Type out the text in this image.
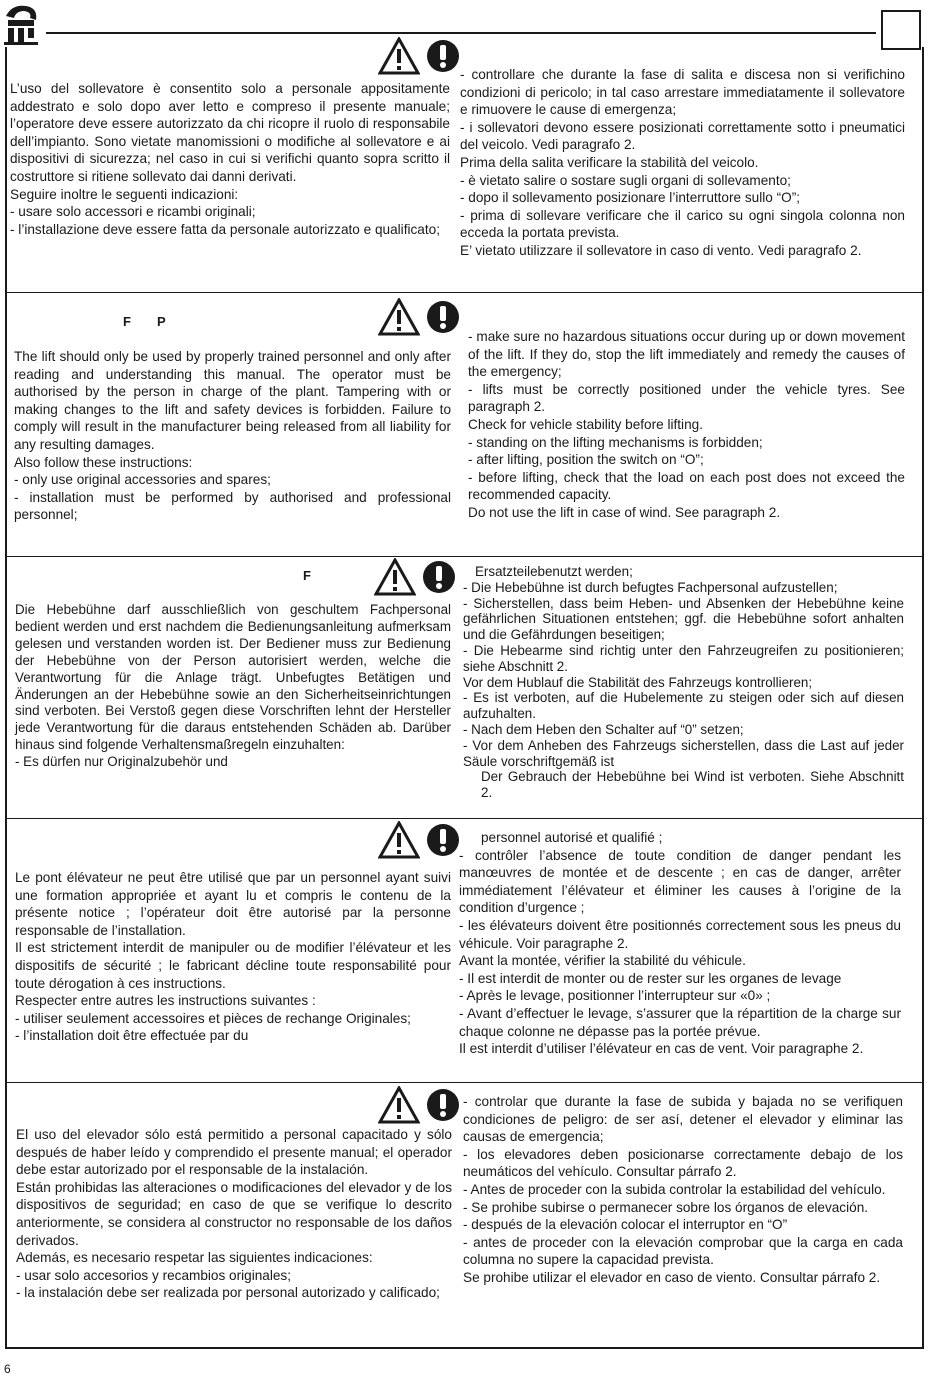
L’uso del sollevatore è consentito solo a personale appositamente addestrato e solo dopo aver letto e compreso il presente manuale; l’operatore deve essere autorizzato da chi ricopre il ruolo di responsabile dell’impianto. Sono vietate manomissioni o modifiche al sollevatore e ai dispositivi di sicurezza; nel caso in cui si verifichi quanto sopra scritto il costruttore si ritiene sollevato dai danni derivati.

Seguire inoltre le seguenti indicazioni:

- usare solo accessori e ricambi originali;

- l’installazione deve essere fatta da personale autorizzato e qualificato;

- controllare che durante la fase di salita e discesa non si verifichino condizioni di pericolo; in tal caso arrestare immediatamente il sollevatore e rimuovere le cause di emergenza;

- i sollevatori devono essere posizionati correttamente sotto i pneumatici del veicolo. Vedi paragrafo 2.

Prima della salita verificare la stabilità del veicolo.

- è vietato salire o sostare sugli organi di sollevamento;

- dopo il sollevamento posizionare l’interruttore sullo “O”;

- prima di sollevare verificare che il carico su ogni singola colonna non ecceda la portata prevista.

E’ vietato utilizzare il sollevatore in caso di vento. Vedi paragrafo 2.

F P

The lift should only be used by properly trained personnel and only after reading and understanding this manual. The operator must be authorised by the person in charge of the plant. Tampering with or making changes to the lift and safety devices is forbidden. Failure to comply will result in the manufacturer being released from all liability for any resulting damages.

Also follow these instructions:

- only use original accessories and spares;

- installation must be performed by authorised and professional personnel;

- make sure no hazardous situations occur during up or down movement of the lift. If they do, stop the lift immediately and remedy the causes of the emergency;

- lifts must be correctly positioned under the vehicle tyres. See paragraph 2.

Check for vehicle stability before lifting.

- standing on the lifting mechanisms is forbidden;

- after lifting, position the switch on “O”;

- before lifting, check that the load on each post does not exceed the recommended capacity.

Do not use the lift in case of wind. See paragraph 2.

F

Die Hebebühne darf ausschließlich von geschultem Fachpersonal bedient werden und erst nachdem die Bedienungsanleitung aufmerksam gelesen und verstanden worden ist. Der Bediener muss zur Bedienung der Hebebühne von der Person autorisiert werden, welche die Verantwortung für die Anlage trägt. Unbefugtes Betätigen und Änderungen an der Hebebühne sowie an den Sicherheitseinrichtungen sind verboten. Bei Verstoß gegen diese Vorschriften lehnt der Hersteller jede Verantwortung für die daraus entstehenden Schäden ab. Darüber hinaus sind folgende Verhaltensmaßregeln einzuhalten:

- Es dürfen nur Originalzubehör und

Ersatzteilebenutzt werden;

- Die Hebebühne ist durch befugtes Fachpersonal aufzustellen;

- Sicherstellen, dass beim Heben- und Absenken der Hebebühne keine gefährlichen Situationen entstehen; ggf. die Hebebühne sofort anhalten und die Gefährdungen beseitigen;

- Die Hebearme sind richtig unter den Fahrzeugreifen zu positionieren; siehe Abschnitt 2.

Vor dem Hublauf die Stabilität des Fahrzeugs kontrollieren;

- Es ist verboten, auf die Hubelemente zu steigen oder sich auf diesen aufzuhalten.

- Nach dem Heben den Schalter auf “0” setzen;

- Vor dem Anheben des Fahrzeugs sicherstellen, dass die Last auf jeder Säule vorschriftgemäß ist

Der Gebrauch der Hebebühne bei Wind ist verboten. Siehe Abschnitt 2.

Le pont élévateur ne peut être utilisé que par un personnel ayant suivi une formation appropriée et ayant lu et compris le contenu de la présente notice ; l’opérateur doit être autorisé par la personne responsable de l’installation.

Il est strictement interdit de manipuler ou de modifier l’élévateur et les dispositifs de sécurité ; le fabricant décline toute responsabilité pour toute dérogation à ces instructions.

Respecter entre autres les instructions suivantes :

- utiliser seulement accessoires et pièces de rechange Originales;

- l’installation doit être effectuée par du

personnel autorisé et qualifié ;

- contrôler l’absence de toute condition de danger pendant les manœuvres de montée et de descente ; en cas de danger, arrêter immédiatement l’élévateur et éliminer les causes à l’origine de la condition d’urgence ;

- les élévateurs doivent être positionnés correctement sous les pneus du véhicule. Voir paragraphe 2.

Avant la montée, vérifier la stabilité du véhicule.

- Il est interdit de monter ou de rester sur les organes de levage

- Après le levage, positionner l’interrupteur sur «0» ;

- Avant d’effectuer le levage, s’assurer que la répartition de la charge sur chaque colonne ne dépasse pas la portée prévue.

Il est interdit d’utiliser l’élévateur en cas de vent. Voir paragraphe 2.

El uso del elevador sólo está permitido a personal capacitado y sólo después de haber leído y comprendido el presente manual; el operador debe estar autorizado por el responsable de la instalación.

Están prohibidas las alteraciones o modificaciones del elevador y de los dispositivos de seguridad; en caso de que se verifique lo descrito anteriormente, se considera al constructor no responsable de los daños derivados.

Además, es necesario respetar las siguientes indicaciones:

- usar solo accesorios y recambios originales;

- la instalación debe ser realizada por personal autorizado y calificado;

- controlar que durante la fase de subida y bajada no se verifiquen condiciones de peligro: de ser así, detener el elevador y eliminar las causas de emergencia;

- los elevadores deben posicionarse correctamente debajo de los neumáticos del vehículo. Consultar párrafo 2.

- Antes de proceder con la subida controlar la estabilidad del vehículo.

- Se prohibe subirse o permanecer sobre los órganos de elevación.

- después de la elevación colocar el interruptor en “O”

- antes de proceder con la elevación comprobar que la carga en cada columna no supere la capacidad prevista.

Se prohibe utilizar el elevador en caso de viento. Consultar párrafo 2.

6
